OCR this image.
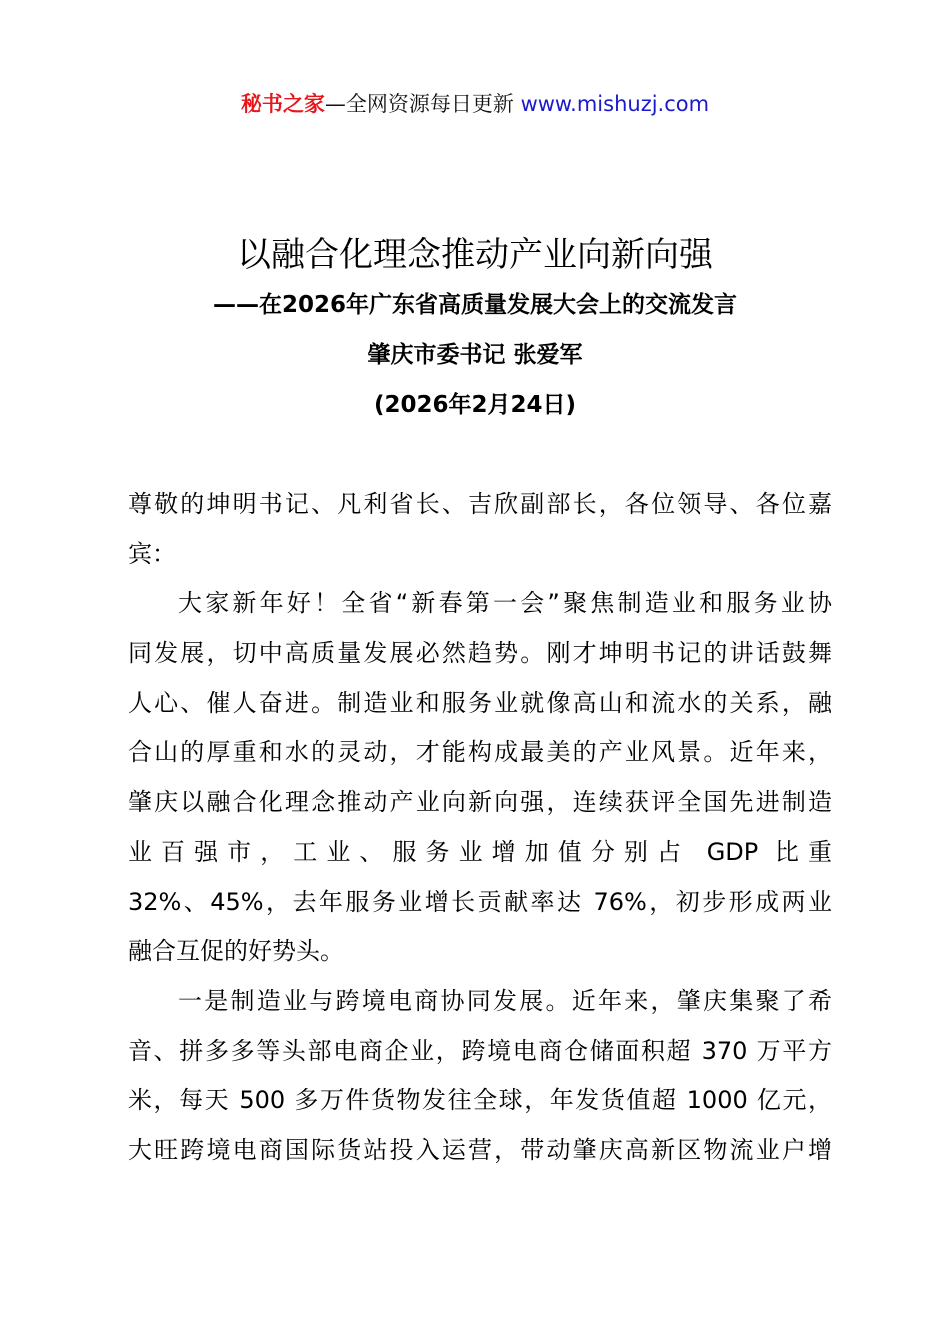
秘书之家—全网资源每日更新 www.mishuzj.com
以融合化理念推动产业向新向强
——在2026年广东省高质量发展大会上的交流发言
肇庆市委书记 张爱军
(2026年2月24日)
尊敬的坤明书记、凡利省长、吉欣副部长，各位领导、各位嘉
宾：
大家新年好！全省“新春第一会”聚焦制造业和服务业协
同发展，切中高质量发展必然趋势。刚才坤明书记的讲话鼓舞
人心、催人奋进。制造业和服务业就像高山和流水的关系，融
合山的厚重和水的灵动，才能构成最美的产业风景。近年来，
肇庆以融合化理念推动产业向新向强，连续获评全国先进制造
业百强市，工业、服务业增加值分别占 GDP 比重
32%、45%，去年服务业增长贡献率达 76%，初步形成两业
融合互促的好势头。
一是制造业与跨境电商协同发展。近年来，肇庆集聚了希
音、拼多多等头部电商企业，跨境电商仓储面积超 370 万平方
米，每天 500 多万件货物发往全球，年发货值超 1000 亿元，
大旺跨境电商国际货站投入运营，带动肇庆高新区物流业户增
